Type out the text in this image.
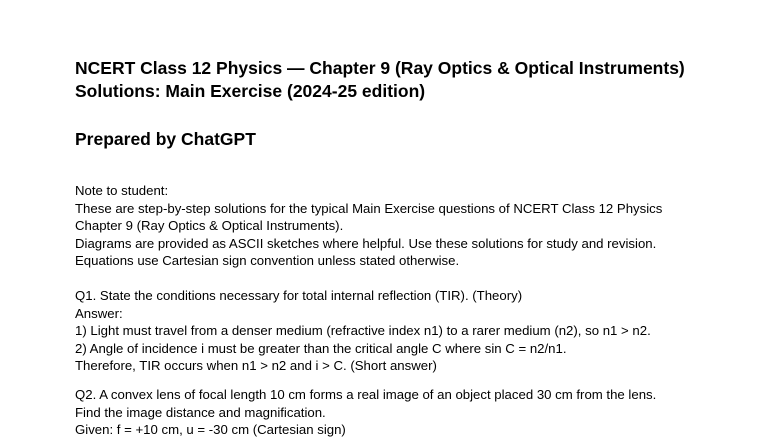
NCERT Class 12 Physics — Chapter 9 (Ray Optics & Optical Instruments)
Solutions: Main Exercise (2024-25 edition)
Prepared by ChatGPT
Note to student:
These are step-by-step solutions for the typical Main Exercise questions of NCERT Class 12 Physics
Chapter 9 (Ray Optics & Optical Instruments).
Diagrams are provided as ASCII sketches where helpful. Use these solutions for study and revision.
Equations use Cartesian sign convention unless stated otherwise.
Q1. State the conditions necessary for total internal reflection (TIR). (Theory)
Answer:
1) Light must travel from a denser medium (refractive index n1) to a rarer medium (n2), so n1 > n2.
2) Angle of incidence i must be greater than the critical angle C where sin C = n2/n1.
Therefore, TIR occurs when n1 > n2 and i > C. (Short answer)
Q2. A convex lens of focal length 10 cm forms a real image of an object placed 30 cm from the lens.
Find the image distance and magnification.
Given: f = +10 cm, u = -30 cm (Cartesian sign)
